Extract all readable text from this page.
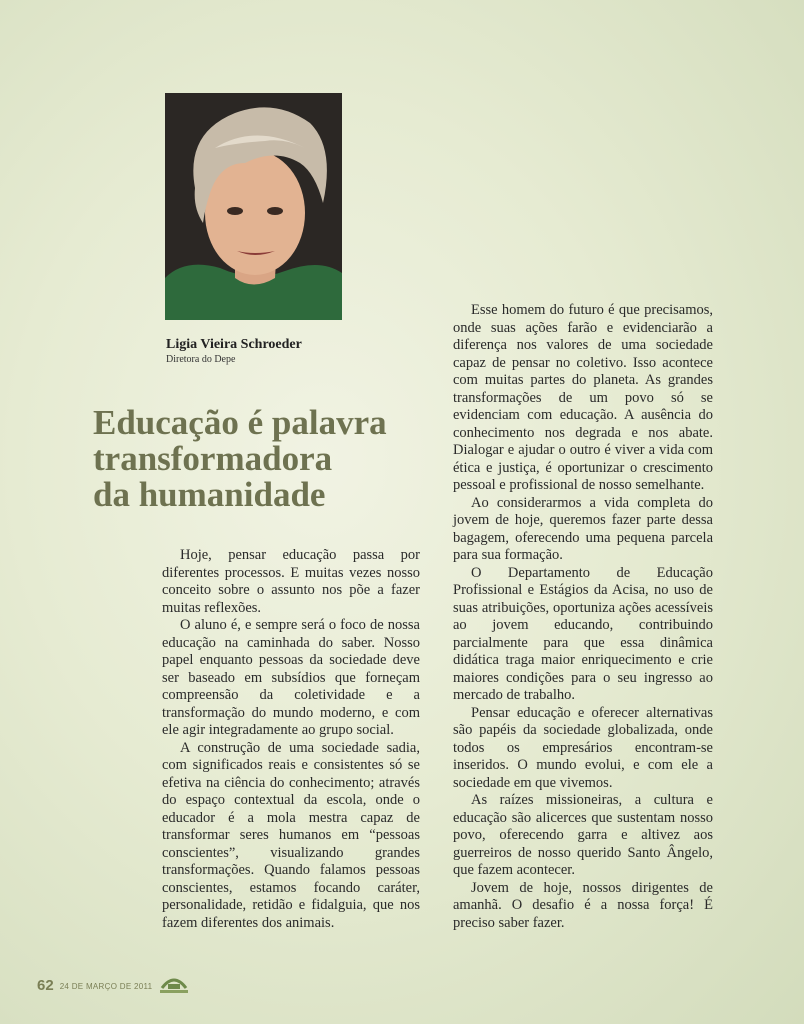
Ligia Vieira Schroeder
Diretora do Depe
Educação é palavra
transformadora
da humanidade

Hoje, pensar educação passa por diferentes processos. E muitas vezes nosso conceito sobre o assunto nos põe a fazer muitas reflexões.

O aluno é, e sempre será o foco de nossa educação na caminhada do saber. Nosso papel enquanto pessoas da sociedade deve ser baseado em subsídios que forneçam compreensão da coletividade e a transformação do mundo moderno, e com ele agir integradamente ao grupo social.

A construção de uma sociedade sadia, com significados reais e consistentes só se efetiva na ciência do conhecimento; através do espaço contextual da escola, onde o educador é a mola mestra capaz de transformar seres humanos em “pessoas conscientes”, visualizando grandes transformações. Quando falamos pessoas conscientes, estamos focando caráter, personalidade, retidão e fidalguia, que nos fazem diferentes dos animais.

Esse homem do futuro é que precisamos, onde suas ações farão e evidenciarão a diferença nos valores de uma sociedade capaz de pensar no coletivo. Isso acontece com muitas partes do planeta. As grandes transformações de um povo só se evidenciam com educação. A ausência do conhecimento nos degrada e nos abate. Dialogar e ajudar o outro é viver a vida com ética e justiça, é oportunizar o crescimento pessoal e profissional de nosso semelhante.

Ao considerarmos a vida completa do jovem de hoje, queremos fazer parte dessa bagagem, oferecendo uma pequena parcela para sua formação.

O Departamento de Educação Profissional e Estágios da Acisa, no uso de suas atribuições, oportuniza ações acessíveis ao jovem educando, contribuindo parcialmente para que essa dinâmica didática traga maior enriquecimento e crie maiores condições para o seu ingresso ao mercado de trabalho.

Pensar educação e oferecer alternativas são papéis da sociedade globalizada, onde todos os empresários encontram-se inseridos. O mundo evolui, e com ele a sociedade em que vivemos.

As raízes missioneiras, a cultura e educação são alicerces que sustentam nosso povo, oferecendo garra e altivez aos guerreiros de nosso querido Santo Ângelo, que fazem acontecer.

Jovem de hoje, nossos dirigentes de amanhã. O desafio é a nossa força! É preciso saber fazer.

62 24 DE MARÇO DE 2011
